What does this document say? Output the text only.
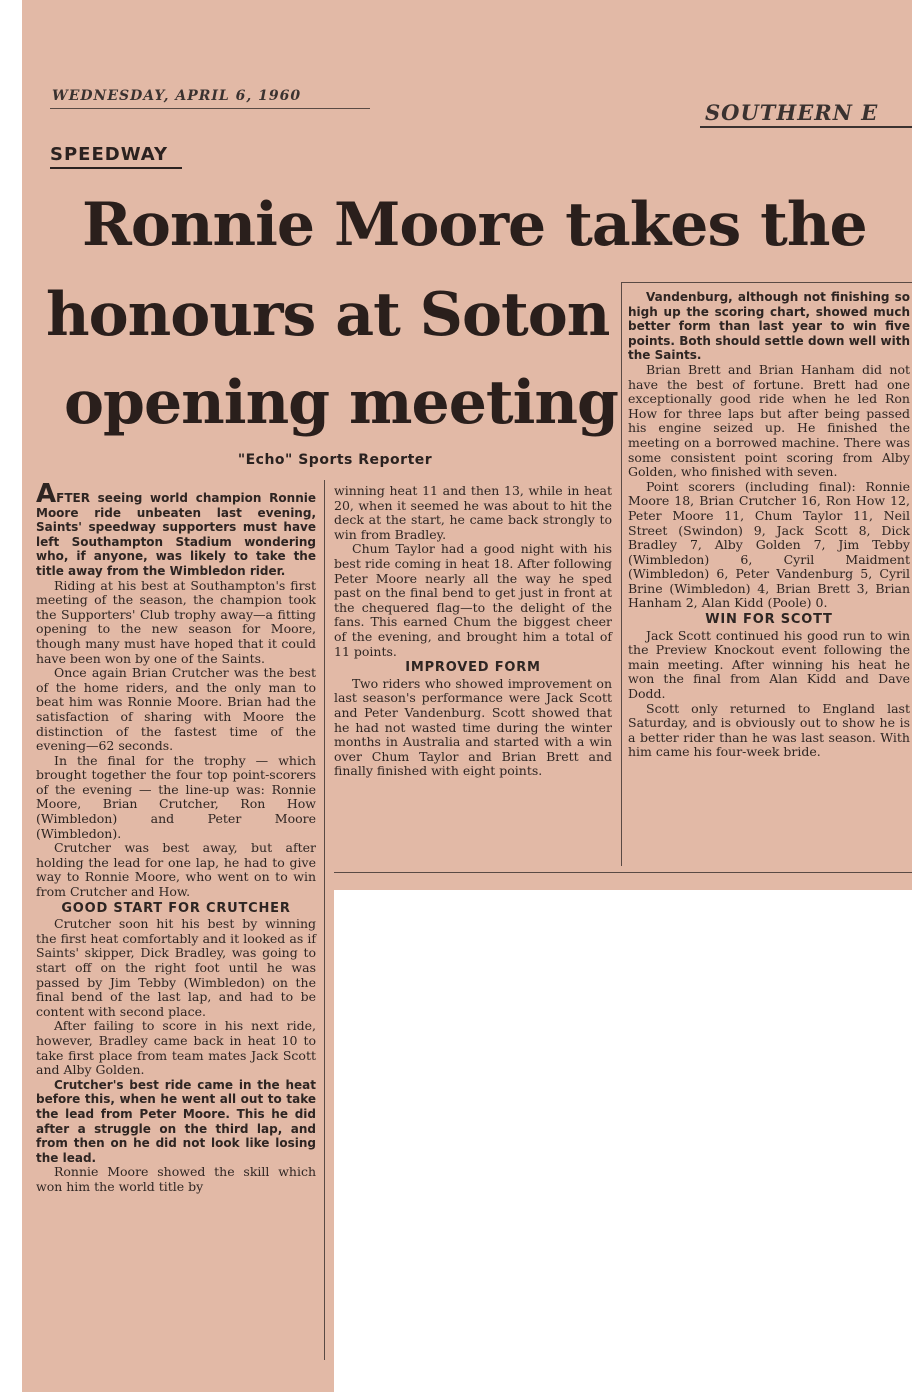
WEDNESDAY, APRIL 6, 1960
SOUTHERN E
SPEEDWAY
Ronnie Moore takes the
honours at Soton
opening meeting
"Echo" Sports Reporter

AFTER seeing world champion Ronnie Moore ride unbeaten last evening, Saints' speedway supporters must have left Southampton Stadium wondering who, if anyone, was likely to take the title away from the Wimbledon rider.

Riding at his best at Southampton's first meeting of the season, the champion took the Supporters' Club trophy away—a fitting opening to the new season for Moore, though many must have hoped that it could have been won by one of the Saints.

Once again Brian Crutcher was the best of the home riders, and the only man to beat him was Ronnie Moore. Brian had the satisfaction of sharing with Moore the distinction of the fastest time of the evening—62 seconds.

In the final for the trophy — which brought together the four top point-scorers of the evening — the line-up was: Ronnie Moore, Brian Crutcher, Ron How (Wimbledon) and Peter Moore (Wimbledon).

Crutcher was best away, but after holding the lead for one lap, he had to give way to Ronnie Moore, who went on to win from Crutcher and How.

GOOD START FOR CRUTCHER

Crutcher soon hit his best by winning the first heat comfortably and it looked as if Saints' skipper, Dick Bradley, was going to start off on the right foot until he was passed by Jim Tebby (Wimbledon) on the final bend of the last lap, and had to be content with second place.

After failing to score in his next ride, however, Bradley came back in heat 10 to take first place from team mates Jack Scott and Alby Golden.

Crutcher's best ride came in the heat before this, when he went all out to take the lead from Peter Moore. This he did after a struggle on the third lap, and from then on he did not look like losing the lead.

Ronnie Moore showed the skill which won him the world title by

winning heat 11 and then 13, while in heat 20, when it seemed he was about to hit the deck at the start, he came back strongly to win from Bradley.

Chum Taylor had a good night with his best ride coming in heat 18. After following Peter Moore nearly all the way he sped past on the final bend to get just in front at the chequered flag—to the delight of the fans. This earned Chum the biggest cheer of the evening, and brought him a total of 11 points.

IMPROVED FORM

Two riders who showed improvement on last season's performance were Jack Scott and Peter Vandenburg. Scott showed that he had not wasted time during the winter months in Australia and started with a win over Chum Taylor and Brian Brett and finally finished with eight points.

Vandenburg, although not finishing so high up the scoring chart, showed much better form than last year to win five points. Both should settle down well with the Saints.

Brian Brett and Brian Hanham did not have the best of fortune. Brett had one exceptionally good ride when he led Ron How for three laps but after being passed his engine seized up. He finished the meeting on a borrowed machine. There was some consistent point scoring from Alby Golden, who finished with seven.

Point scorers (including final): Ronnie Moore 18, Brian Crutcher 16, Ron How 12, Peter Moore 11, Chum Taylor 11, Neil Street (Swindon) 9, Jack Scott 8, Dick Bradley 7, Alby Golden 7, Jim Tebby (Wimbledon) 6, Cyril Maidment (Wimbledon) 6, Peter Vandenburg 5, Cyril Brine (Wimbledon) 4, Brian Brett 3, Brian Hanham 2, Alan Kidd (Poole) 0.

WIN FOR SCOTT

Jack Scott continued his good run to win the Preview Knockout event following the main meeting. After winning his heat he won the final from Alan Kidd and Dave Dodd.

Scott only returned to England last Saturday, and is obviously out to show he is a better rider than he was last season. With him came his four-week bride.
